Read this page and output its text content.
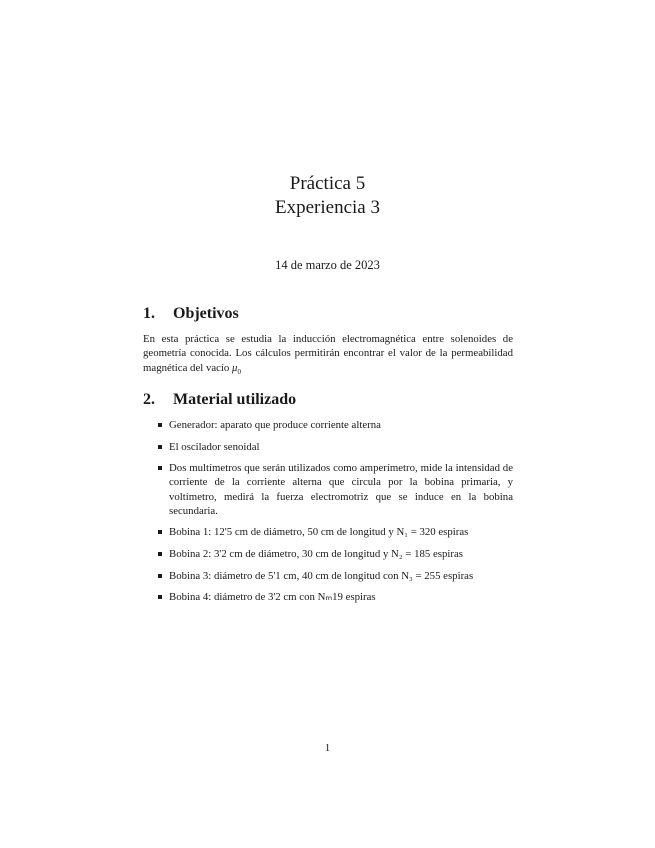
Práctica 5
Experiencia 3
14 de marzo de 2023
1.	Objetivos
En esta práctica se estudia la inducción electromagnética entre solenoides de geometría conocida. Los cálculos permitirán encontrar el valor de la permeabilidad magnética del vacío $\mu_0$
2.	Material utilizado
Generador: aparato que produce corriente alterna
El oscilador senoidal
Dos multímetros que serán utilizados como amperímetro, mide la intensidad de corriente de la corriente alterna que circula por la bobina primaria, y voltímetro, medirá la fuerza electromotriz que se induce en la bobina secundaria.
Bobina 1: 12'5 cm de diámetro, 50 cm de longitud y N₁ = 320 espiras
Bobina 2: 3'2 cm de diámetro, 30 cm de longitud y N₂ = 185 espiras
Bobina 3: diámetro de 5'1 cm, 40 cm de longitud con N₃ = 255 espiras
Bobina 4: diámetro de 3'2 cm con Nₘ19 espiras
1
